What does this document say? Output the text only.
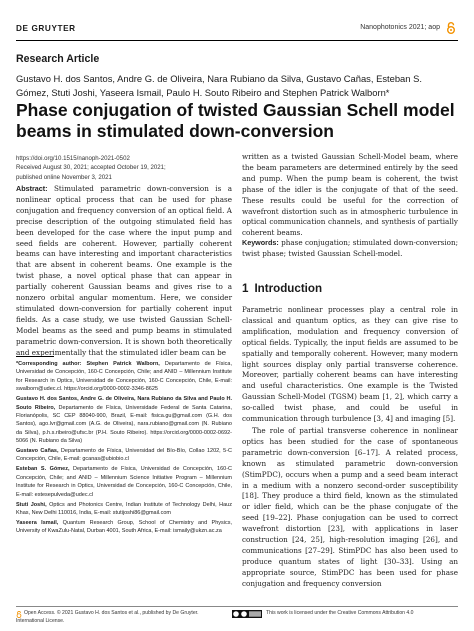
DE GRUYTER	Nanophotonics 2021; aop
Research Article

Gustavo H. dos Santos, Andre G. de Oliveira, Nara Rubiano da Silva, Gustavo Cañas, Esteban S. Gómez, Stuti Joshi, Yaseera Ismail, Paulo H. Souto Ribeiro and Stephen Patrick Walborn*

Phase conjugation of twisted Gaussian Schell model beams in stimulated down-conversion
https://doi.org/10.1515/nanoph-2021-0502
Received August 30, 2021; accepted October 19, 2021;
published online November 3, 2021

Abstract: Stimulated parametric down-conversion is a nonlinear optical process that can be used for phase conjugation and frequency conversion of an optical field. A precise description of the outgoing stimulated field has been developed for the case where the input pump and seed fields are coherent. However, partially coherent beams can have interesting and important characteristics that are absent in coherent beams. One example is the twist phase, a novel optical phase that can appear in partially coherent Gaussian beams and gives rise to a nonzero orbital angular momentum. Here, we consider stimulated down-conversion for partially coherent input fields. As a case study, we use twisted Gaussian Schell-Model beams as the seed and pump beams in stimulated parametric down-conversion. It is shown both theoretically and experimentally that the stimulated idler beam can be

*Corresponding author: Stephen Patrick Walborn, Departamento de Física, Universidad de Concepción, 160-C Concepción, Chile; and ANID – Millennium Institute for Research in Optics, Universidad de Concepción, 160-C Concepción, Chile, E-mail: swalborn@udec.cl. https://orcid.org/0000-0002-3346-8625

Gustavo H. dos Santos, Andre G. de Oliveira, Nara Rubiano da Silva and Paulo H. Souto Ribeiro, Departamento de Física, Universidade Federal de Santa Catarina, Florianópolis, SC CEP 88040-900, Brazil, E-mail: fisica.gu@gmail.com (G.H. dos Santos), ago.lvr@gmail.com (A.G. de Oliveira), nara.rubiano@gmail.com (N. Rubiano da Silva), p.h.s.ribeiro@ufsc.br (P.H. Souto Ribeiro). https://orcid.org/0000-0002-0692-5066 (N. Rubiano da Silva)

Gustavo Cañas, Departamento de Física, Universidad del Bío-Bío, Collao 1202, 5-C Concepción, Chile, E-mail: gcanas@ubiobio.cl

Esteban S. Gómez, Departamento de Física, Universidad de Concepción, 160-C Concepción, Chile; and ANID – Millennium Science Initiative Program – Millennium Institute for Research in Optics, Universidad de Concepción, 160-C Concepción, Chile, E-mail: estesepulveda@udec.cl

Stuti Joshi, Optics and Photonics Centre, Indian Institute of Technology Delhi, Hauz Khas, New Delhi 110016, India, E-mail: stutijoshi86@gmail.com

Yaseera Ismail, Quantum Research Group, School of Chemistry and Physics, University of KwaZulu-Natal, Durban 4001, South Africa, E-mail: ismaily@ukzn.ac.za

written as a twisted Gaussian Schell-Model beam, where the beam parameters are determined entirely by the seed and pump. When the pump beam is coherent, the twist phase of the idler is the conjugate of that of the seed. These results could be useful for the correction of wavefront distortion such as in atmospheric turbulence in optical communication channels, and synthesis of partially coherent beams.

Keywords: phase conjugation; stimulated down-conversion; twist phase; twisted Gaussian Schell-model.

1 Introduction

Parametric nonlinear processes play a central role in classical and quantum optics, as they can give rise to amplification, modulation and frequency conversion of optical fields. Typically, the input fields are assumed to be spatially and temporally coherent. However, many modern light sources display only partial transverse coherence. Moreover, partially coherent beams can have interesting and useful characteristics. One example is the Twisted Gaussian Schell-Model (TGSM) beam [1, 2], which carry a so-called twist phase, and could be useful in communication through turbulence [3, 4] and imaging [5].

The role of partial transverse coherence in nonlinear optics has been studied for the case of spontaneous parametric down-conversion [6–17]. A related process, known as stimulated parametric down-conversion (StimPDC), occurs when a pump and a seed beam interact in a medium with a nonzero second-order susceptibility [18]. They produce a third field, known as the stimulated or idler field, which can be the phase conjugate of the seed [19–22]. Phase conjugation can be used to correct wavefront distortion [23], with applications in laser construction [24, 25], high-resolution imaging [26], and communications [27–29]. StimPDC has also been used to produce quantum states of light [30–33]. Using an appropriate source, StimPDC has been used for phase conjugation and frequency conversion

Open Access. © 2021 Gustavo H. dos Santos et al., published by De Gruyter.
International License.
This work is licensed under the Creative Commons Attribution 4.0
